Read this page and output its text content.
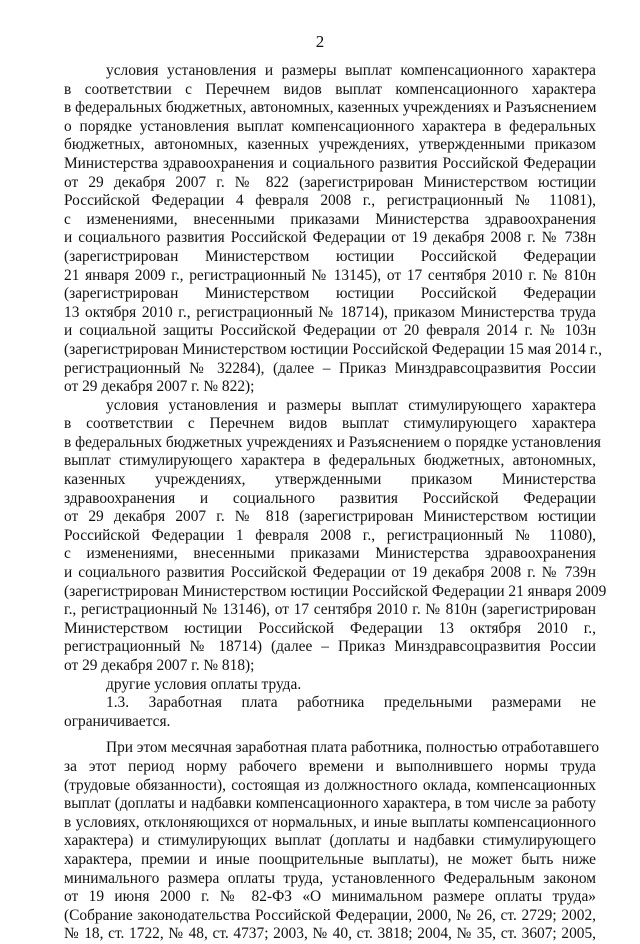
2
условия установления и размеры выплат компенсационного характера
в соответствии с Перечнем видов выплат компенсационного характера
в федеральных бюджетных, автономных, казенных учреждениях и Разъяснением
о порядке установления выплат компенсационного характера в федеральных
бюджетных, автономных, казенных учреждениях, утвержденными приказом
Министерства здравоохранения и социального развития Российской Федерации
от 29 декабря 2007 г. № 822 (зарегистрирован Министерством юстиции
Российской Федерации 4 февраля 2008 г., регистрационный № 11081),
с изменениями, внесенными приказами Министерства здравоохранения
и социального развития Российской Федерации от 19 декабря 2008 г. № 738н
(зарегистрирован Министерством юстиции Российской Федерации
21 января 2009 г., регистрационный № 13145), от 17 сентября 2010 г. № 810н
(зарегистрирован Министерством юстиции Российской Федерации
13 октября 2010 г., регистрационный № 18714), приказом Министерства труда
и социальной защиты Российской Федерации от 20 февраля 2014 г. № 103н
(зарегистрирован Министерством юстиции Российской Федерации 15 мая 2014 г.,
регистрационный № 32284), (далее – Приказ Минздравсоцразвития России
от 29 декабря 2007 г. № 822);
условия установления и размеры выплат стимулирующего характера
в соответствии с Перечнем видов выплат стимулирующего характера
в федеральных бюджетных учреждениях и Разъяснением о порядке установления
выплат стимулирующего характера в федеральных бюджетных, автономных,
казенных учреждениях, утвержденными приказом Министерства
здравоохранения и социального развития Российской Федерации
от 29 декабря 2007 г. № 818 (зарегистрирован Министерством юстиции
Российской Федерации 1 февраля 2008 г., регистрационный № 11080),
с изменениями, внесенными приказами Министерства здравоохранения
и социального развития Российской Федерации от 19 декабря 2008 г. № 739н
(зарегистрирован Министерством юстиции Российской Федерации 21 января 2009
г., регистрационный № 13146), от 17 сентября 2010 г. № 810н (зарегистрирован
Министерством юстиции Российской Федерации 13 октября 2010 г.,
регистрационный № 18714) (далее – Приказ Минздравсоцразвития России
от 29 декабря 2007 г. № 818);
другие условия оплаты труда.
1.3. Заработная плата работника предельными размерами не
ограничивается.
При этом месячная заработная плата работника, полностью отработавшего
за этот период норму рабочего времени и выполнившего нормы труда
(трудовые обязанности), состоящая из должностного оклада, компенсационных
выплат (доплаты и надбавки компенсационного характера, в том числе за работу
в условиях, отклоняющихся от нормальных, и иные выплаты компенсационного
характера) и стимулирующих выплат (доплаты и надбавки стимулирующего
характера, премии и иные поощрительные выплаты), не может быть ниже
минимального размера оплаты труда, установленного Федеральным законом
от 19 июня 2000 г. № 82-ФЗ «О минимальном размере оплаты труда»
(Собрание законодательства Российской Федерации, 2000, № 26, ст. 2729; 2002,
№ 18, ст. 1722, № 48, ст. 4737; 2003, № 40, ст. 3818; 2004, № 35, ст. 3607; 2005,
